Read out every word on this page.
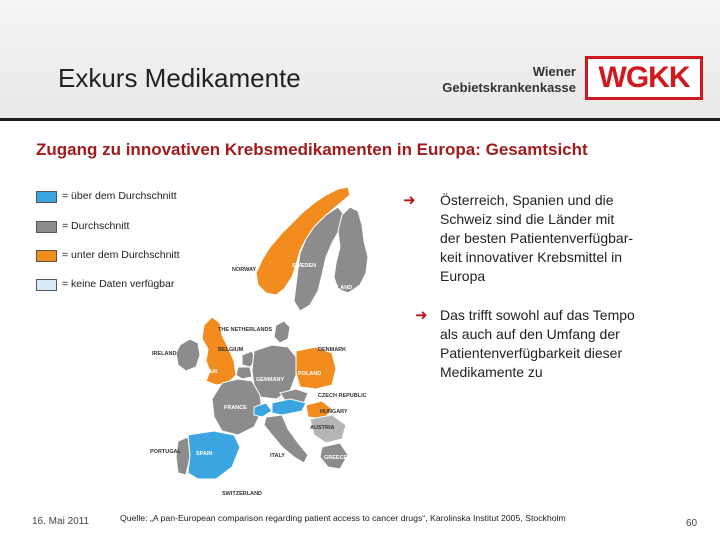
Exkurs Medikamente	Wiener
Gebietskrankenkasse WGKK
Zugang zu innovativen Krebsmedikamenten in Europa: Gesamtsicht
= über dem Durchschnitt
= Durchschnitt
= unter dem Durchschnitt
= keine Daten verfügbar
NORWAY
SWEDEN
FINLAND
THE NETHERLANDS
BELGIUM
IRELAND
UK
DENMARK
GERMANY
POLAND
FRANCE
CZECH REPUBLIC
HUNGARY
AUSTRIA
PORTUGAL	SPAIN	ITALY	GREECE
SWITZERLAND
➜ Österreich, Spanien und die
Schweiz sind die Länder mit
der besten Patientenverfügbar-
keit innovativer Krebsmittel in
Europa
➜ Das trifft sowohl auf das Tempo
als auch auf den Umfang der
Patientenverfügbarkeit dieser
Medikamente zu
16. Mai 2011	Quelle: „A pan-European comparison regarding patient access to cancer drugs“, Karolinska Institut 2005, Stockholm	60
